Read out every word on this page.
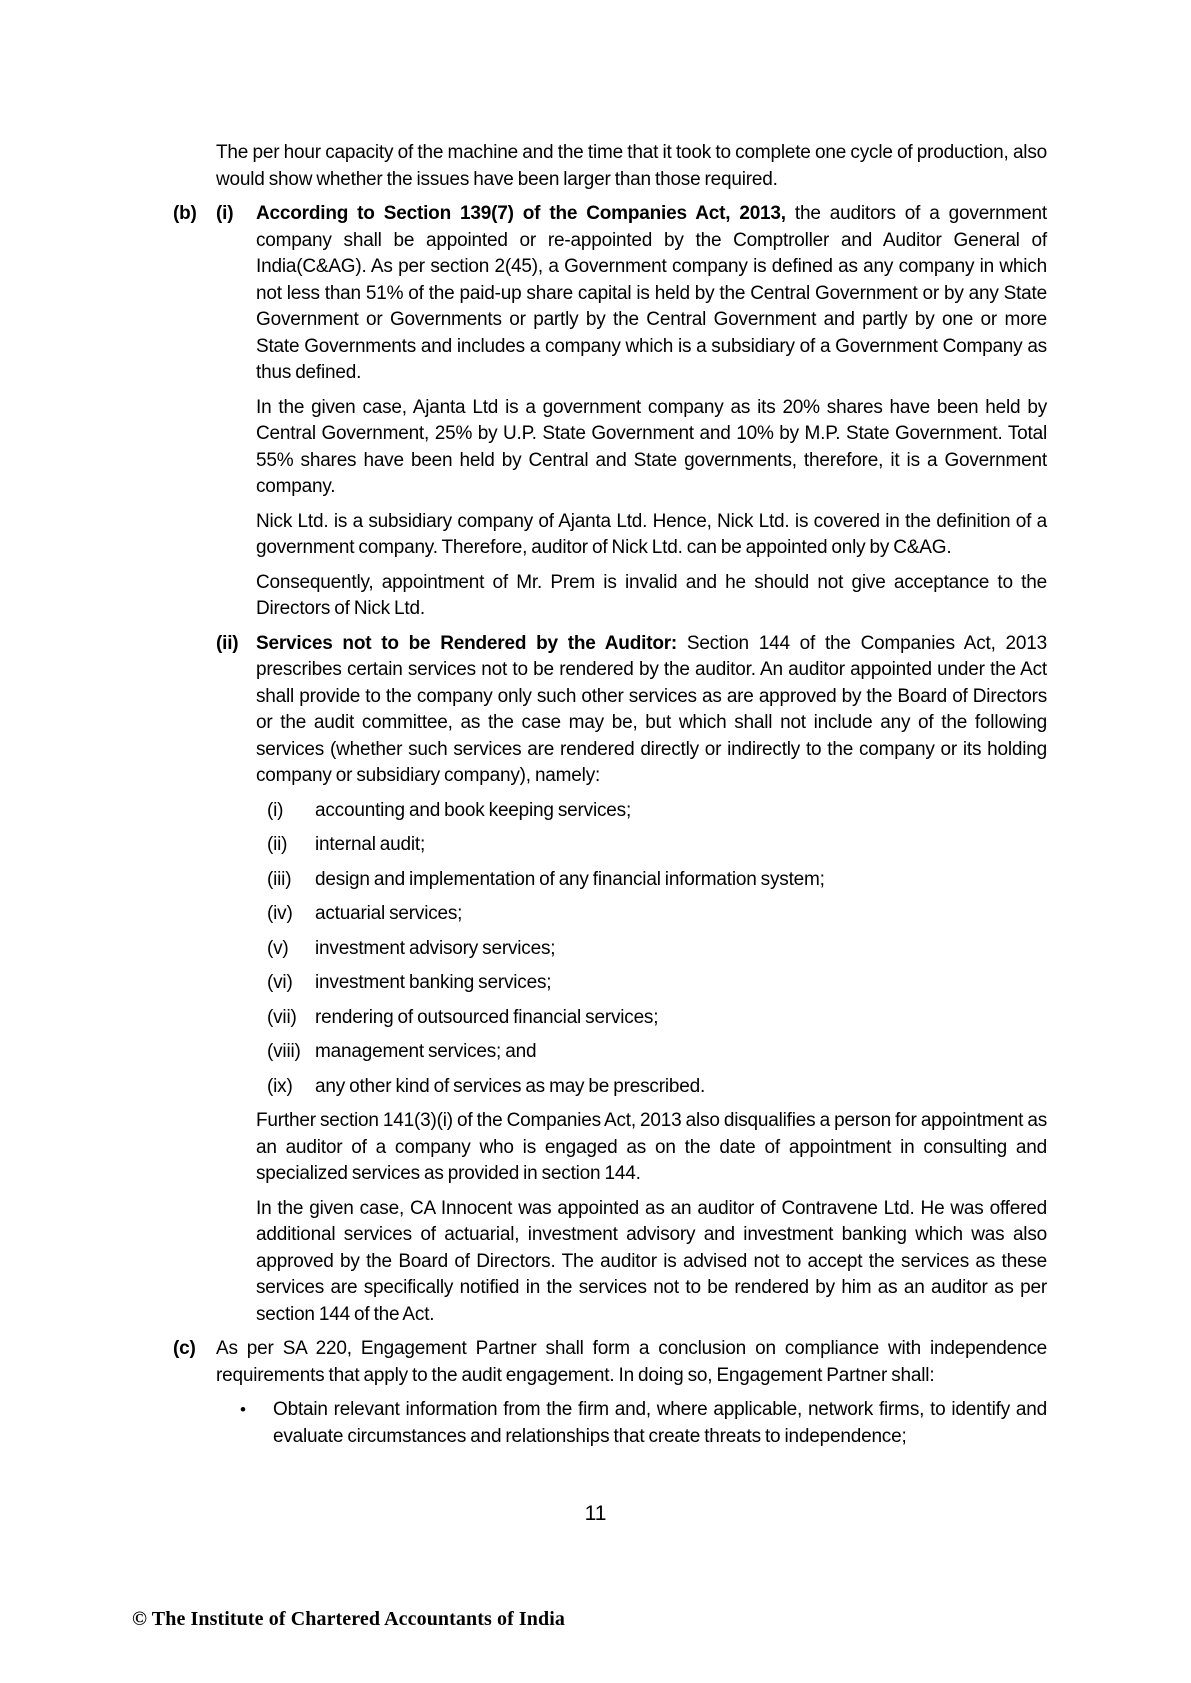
The per hour capacity of the machine and the time that it took to complete one cycle of production, also would show whether the issues have been larger than those required.

(b)	(i)	According to Section 139(7) of the Companies Act, 2013, the auditors of a government company shall be appointed or re-appointed by the Comptroller and Auditor General of India(C&AG). As per section 2(45), a Government company is defined as any company in which not less than 51% of the paid-up share capital is held by the Central Government or by any State Government or Governments or partly by the Central Government and partly by one or more State Governments and includes a company which is a subsidiary of a Government Company as thus defined.

In the given case, Ajanta Ltd is a government company as its 20% shares have been held by Central Government, 25% by U.P. State Government and 10% by M.P. State Government. Total 55% shares have been held by Central and State governments, therefore, it is a Government company.

Nick Ltd. is a subsidiary company of Ajanta Ltd. Hence, Nick Ltd. is covered in the definition of a government company. Therefore, auditor of Nick Ltd. can be appointed only by C&AG.

Consequently, appointment of Mr. Prem is invalid and he should not give acceptance to the Directors of Nick Ltd.

(ii) Services not to be Rendered by the Auditor: Section 144 of the Companies Act, 2013 prescribes certain services not to be rendered by the auditor. An auditor appointed under the Act shall provide to the company only such other services as are approved by the Board of Directors or the audit committee, as the case may be, but which shall not include any of the following services (whether such services are rendered directly or indirectly to the company or its holding company or subsidiary company), namely:

(i)	accounting and book keeping services;
(ii)	internal audit;
(iii)	design and implementation of any financial information system;
(iv)	actuarial services;
(v)	investment advisory services;
(vi)	investment banking services;
(vii) rendering of outsourced financial services;
(viii) management services; and
(ix)	any other kind of services as may be prescribed.

Further section 141(3)(i) of the Companies Act, 2013 also disqualifies a person for appointment as an auditor of a company who is engaged as on the date of appointment in consulting and specialized services as provided in section 144.

In the given case, CA Innocent was appointed as an auditor of Contravene Ltd. He was offered additional services of actuarial, investment advisory and investment banking which was also approved by the Board of Directors. The auditor is advised not to accept the services as these services are specifically notified in the services not to be rendered by him as an auditor as per section 144 of the Act.

(c)	As per SA 220, Engagement Partner shall form a conclusion on compliance with independence requirements that apply to the audit engagement. In doing so, Engagement Partner shall:

•	Obtain relevant information from the firm and, where applicable, network firms, to identify and evaluate circumstances and relationships that create threats to independence;
11
© The Institute of Chartered Accountants of India
